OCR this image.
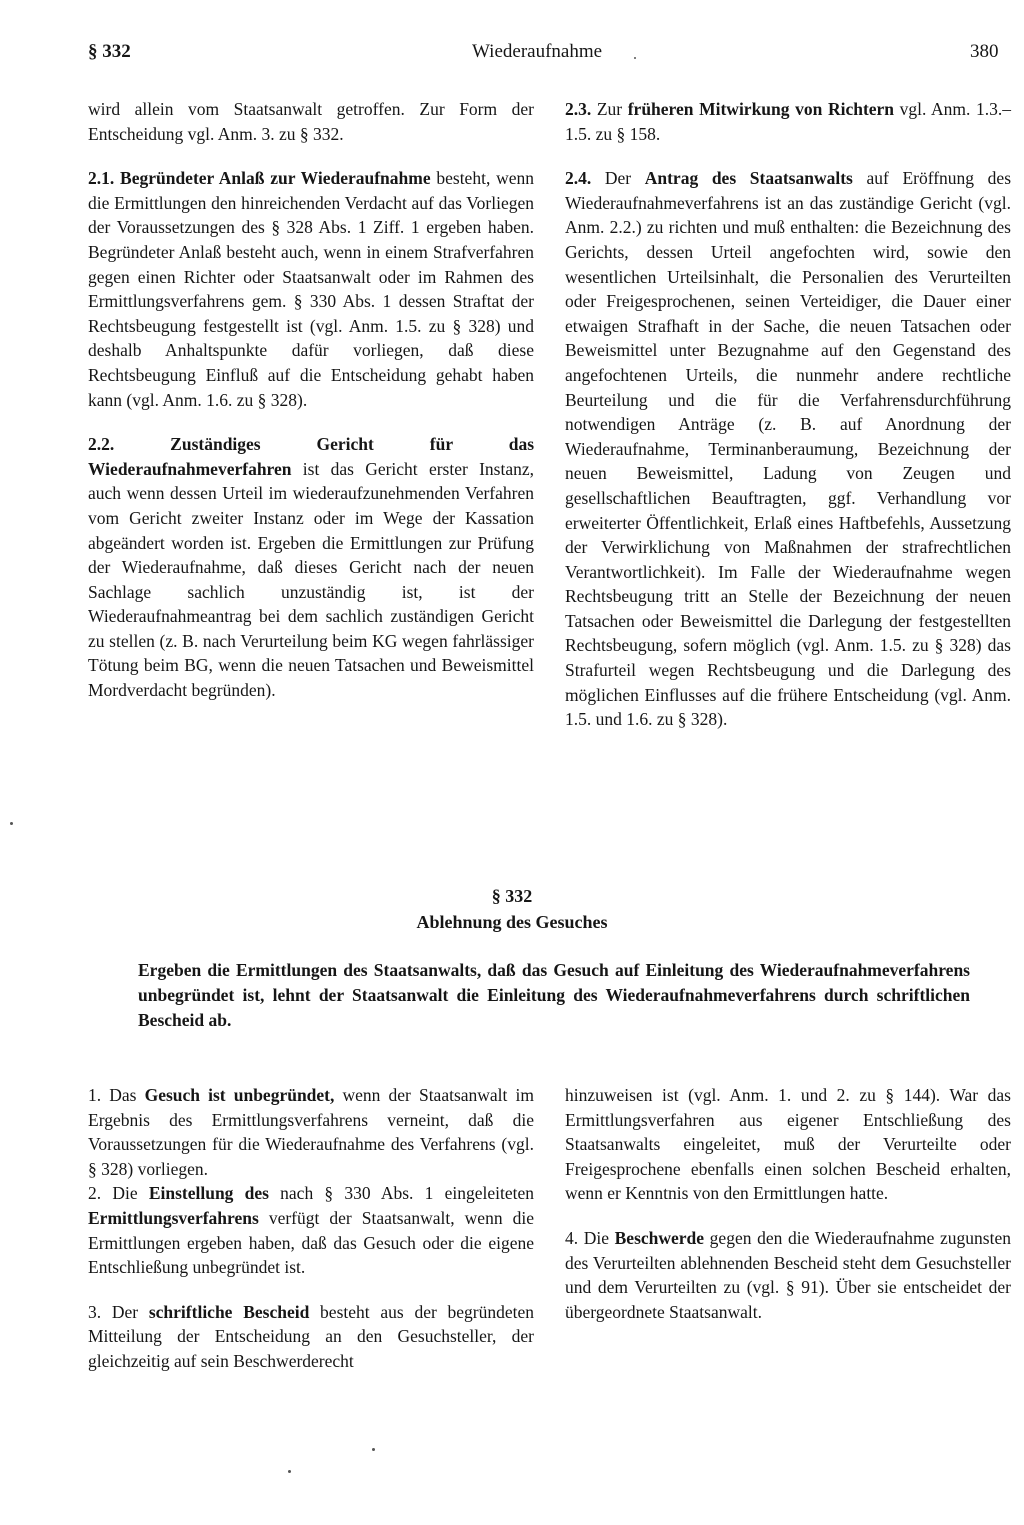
§ 332	Wiederaufnahme	380

wird allein vom Staatsanwalt getroffen. Zur Form der Entscheidung vgl. Anm. 3. zu § 332.

2.1. Begründeter Anlaß zur Wiederaufnahme besteht, wenn die Ermittlungen den hinreichenden Verdacht auf das Vorliegen der Voraussetzungen des § 328 Abs. 1 Ziff. 1 ergeben haben. Begründeter Anlaß besteht auch, wenn in einem Strafverfahren gegen einen Richter oder Staatsanwalt oder im Rahmen des Ermittlungsverfahrens gem. § 330 Abs. 1 dessen Straftat der Rechtsbeugung festgestellt ist (vgl. Anm. 1.5. zu § 328) und deshalb Anhaltspunkte dafür vorliegen, daß diese Rechtsbeugung Einfluß auf die Entscheidung gehabt haben kann (vgl. Anm. 1.6. zu § 328).

2.2.	Zuständiges Gericht für das Wiederaufnahmeverfahren ist das Gericht erster Instanz, auch wenn dessen Urteil im wiederaufzunehmenden Verfahren vom Gericht zweiter Instanz oder im Wege der Kassation abgeändert worden ist. Ergeben die Ermittlungen zur Prüfung der Wiederaufnahme, daß dieses Gericht nach der neuen Sachlage sachlich unzuständig ist, ist der Wiederaufnahmeantrag bei dem sachlich zuständigen Gericht zu stellen (z. B. nach Verurteilung beim KG wegen fahrlässiger Tötung beim BG, wenn die neuen Tatsachen und Beweismittel Mordverdacht begründen).

2.3. Zur früheren Mitwirkung von Richtern vgl. Anm. 1.3.–1.5. zu § 158.

2.4. Der Antrag des Staatsanwalts auf Eröffnung des Wiederaufnahmeverfahrens ist an das zuständige Gericht (vgl. Anm. 2.2.) zu richten und muß enthalten: die Bezeichnung des Gerichts, dessen Urteil angefochten wird, sowie den wesentlichen Urteilsinhalt, die Personalien des Verurteilten oder Freigesprochenen, seinen Verteidiger, die Dauer einer etwaigen Strafhaft in der Sache, die neuen Tatsachen oder Beweismittel unter Bezugnahme auf den Gegenstand des angefochtenen Urteils, die nunmehr andere rechtliche Beurteilung und die für die Verfahrensdurchführung notwendigen Anträge (z. B. auf Anordnung der Wiederaufnahme, Terminanberaumung, Bezeichnung der neuen Beweismittel, Ladung von Zeugen und gesellschaftlichen Beauftragten, ggf. Verhandlung vor erweiterter Öffentlichkeit, Erlaß eines Haftbefehls, Aussetzung der Verwirklichung von Maßnahmen der strafrechtlichen Verantwortlichkeit). Im Falle der Wiederaufnahme wegen Rechtsbeugung tritt an Stelle der Bezeichnung der neuen Tatsachen oder Beweismittel die Darlegung der festgestellten Rechtsbeugung, sofern möglich (vgl. Anm. 1.5. zu § 328) das Strafurteil wegen Rechtsbeugung und die Darlegung des möglichen Einflusses auf die frühere Entscheidung (vgl. Anm. 1.5. und 1.6. zu § 328).

§ 332
Ablehnung des Gesuches
Ergeben die Ermittlungen des Staatsanwalts, daß das Gesuch auf Einleitung des Wiederaufnahmeverfahrens unbegründet ist, lehnt der Staatsanwalt die Einleitung des Wiederaufnahmeverfahrens durch schriftlichen Bescheid ab.

1. Das Gesuch ist unbegründet, wenn der Staatsanwalt im Ergebnis des Ermittlungsverfahrens verneint, daß die Voraussetzungen für die Wiederaufnahme des Verfahrens (vgl. § 328) vorliegen.

2. Die Einstellung des nach § 330 Abs. 1 eingeleiteten Ermittlungsverfahrens verfügt der Staatsanwalt, wenn die Ermittlungen ergeben haben, daß das Gesuch oder die eigene Entschließung unbegründet ist.

3. Der schriftliche Bescheid besteht aus der begründeten Mitteilung der Entscheidung an den Gesuchsteller, der gleichzeitig auf sein Beschwerderecht

hinzuweisen ist (vgl. Anm. 1. und 2. zu § 144). War das Ermittlungsverfahren aus eigener Entschließung des Staatsanwalts eingeleitet, muß der Verurteilte oder Freigesprochene ebenfalls einen solchen Bescheid erhalten, wenn er Kenntnis von den Ermittlungen hatte.

4. Die Beschwerde gegen den die Wiederaufnahme zugunsten des Verurteilten ablehnenden Bescheid steht dem Gesuchsteller und dem Verurteilten zu (vgl. § 91). Über sie entscheidet der übergeordnete Staatsanwalt.
